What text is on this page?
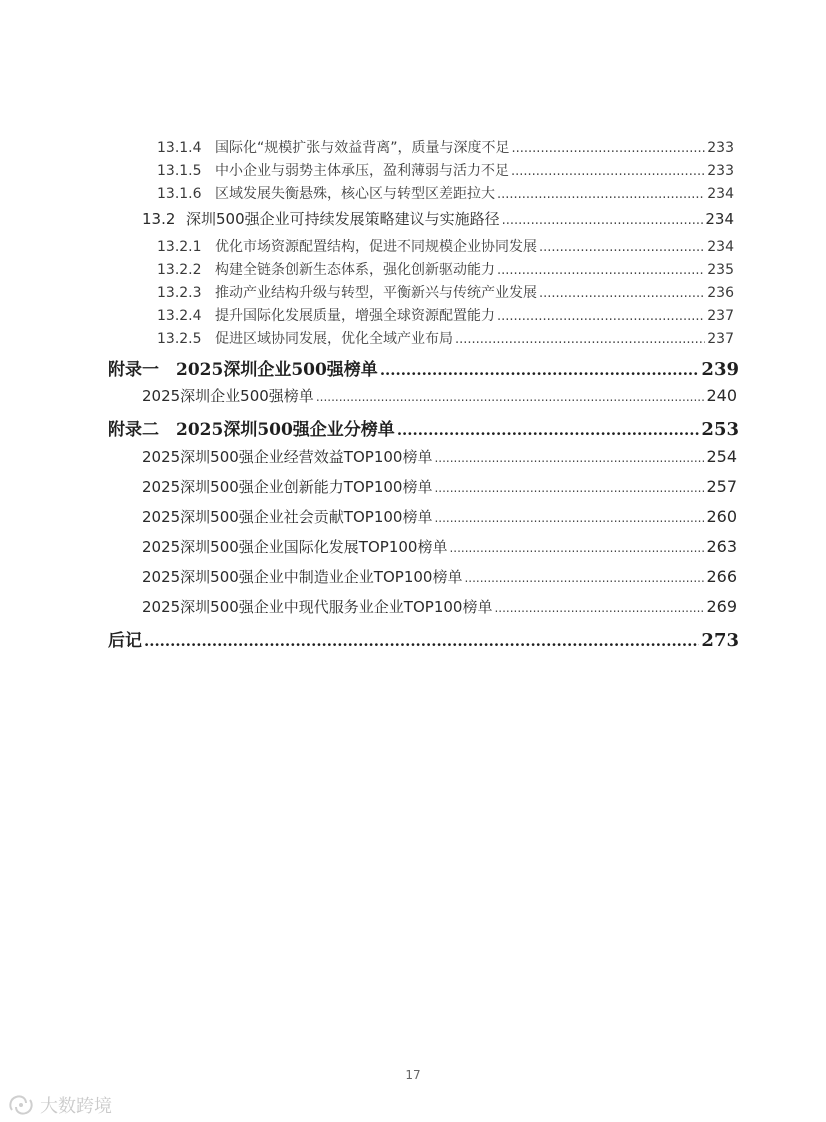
13.1.4 国际化“规模扩张与效益背离”，质量与深度不足 .....	233
13.1.5 中小企业与弱势主体承压，盈利薄弱与活力不足 .....	233
13.1.6 区域发展失衡悬殊，核心区与转型区差距拉大 .....	234
13.2 深圳500强企业可持续发展策略建议与实施路径 .....	234
13.2.1 优化市场资源配置结构，促进不同规模企业协同发展 .....	234
13.2.2 构建全链条创新生态体系，强化创新驱动能力 .....	235
13.2.3 推动产业结构升级与转型，平衡新兴与传统产业发展 .....	236
13.2.4 提升国际化发展质量，增强全球资源配置能力 .....	237
13.2.5 促进区域协同发展，优化全域产业布局 .....	237
附录一　2025深圳企业500强榜单 .....	239
2025深圳企业500强榜单 .....	240
附录二　2025深圳500强企业分榜单 .....	253
2025深圳500强企业经营效益TOP100榜单 .....	254
2025深圳500强企业创新能力TOP100榜单 .....	257
2025深圳500强企业社会贡献TOP100榜单 .....	260
2025深圳500强企业国际化发展TOP100榜单 .....	263
2025深圳500强企业中制造业企业TOP100榜单 .....	266
2025深圳500强企业中现代服务业企业TOP100榜单 .....	269
后记 .....	273
17
大数跨境
